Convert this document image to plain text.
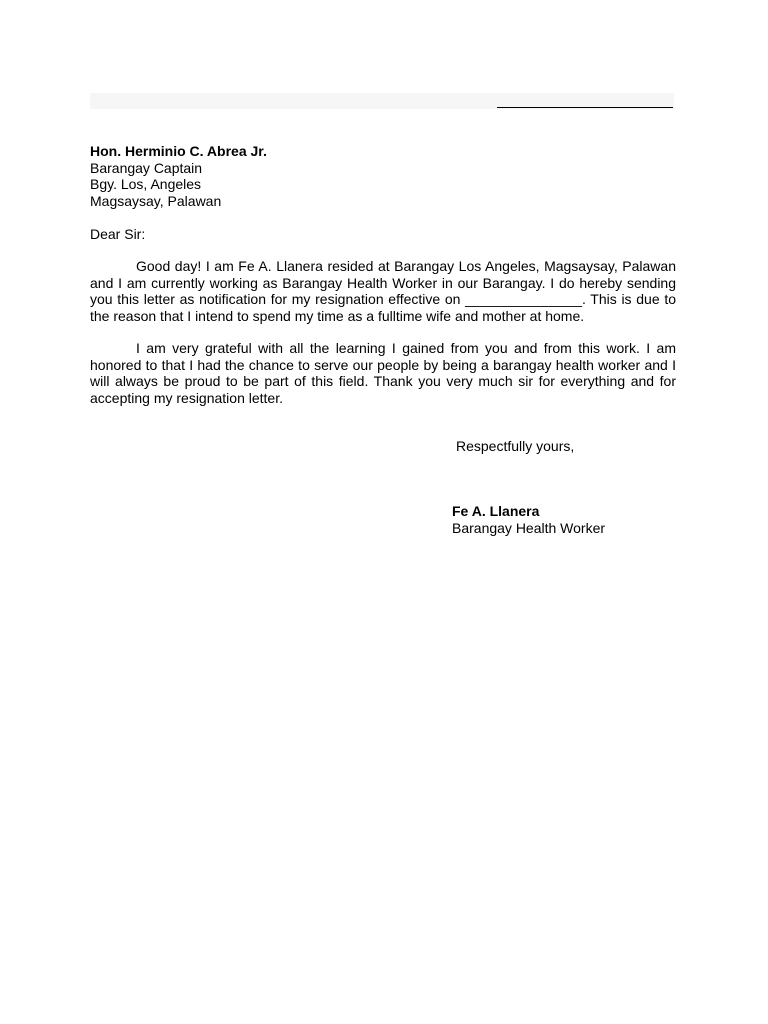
Hon. Herminio C. Abrea Jr.
Barangay Captain
Bgy. Los, Angeles
Magsaysay, Palawan
Dear Sir:

Good day! I am Fe A. Llanera resided at Barangay Los Angeles, Magsaysay, Palawan and I am currently working as Barangay Health Worker in our Barangay. I do hereby sending you this letter as notification for my resignation effective on _______________. This is due to the reason that I intend to spend my time as a fulltime wife and mother at home.

I am very grateful with all the learning I gained from you and from this work. I am honored to that I had the chance to serve our people by being a barangay health worker and I will always be proud to be part of this field. Thank you very much sir for everything and for accepting my resignation letter.

Respectfully yours,
Fe A. Llanera
Barangay Health Worker
